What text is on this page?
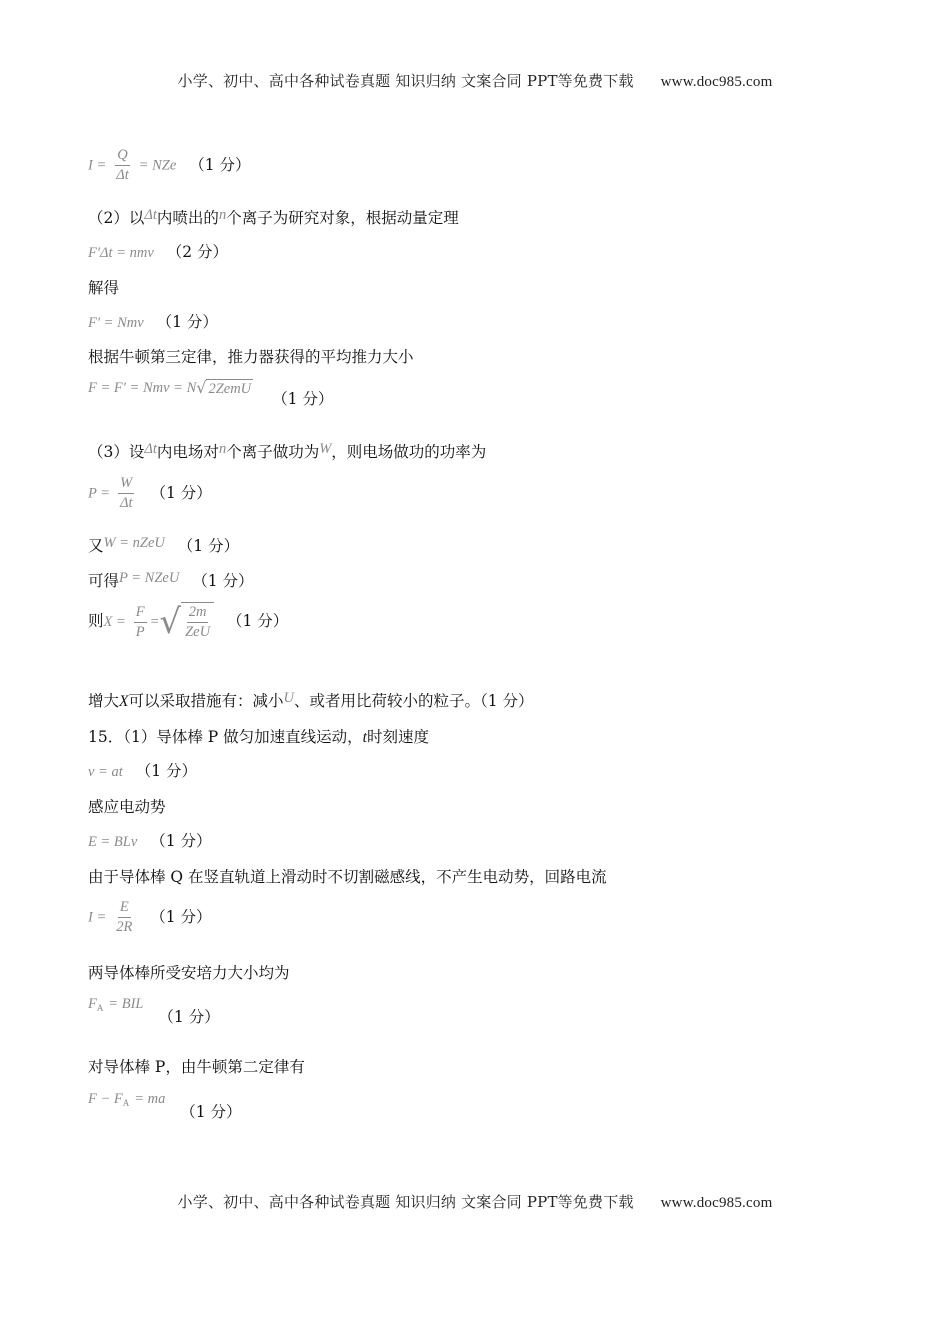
小学、初中、高中各种试卷真题 知识归纳 文案合同 PPT等免费下载 www.doc985.com
$I = \frac{Q}{\Delta t}$ = NZe （1 分）
（2）以Δt内喷出的n个离子为研究对象，根据动量定理
F′Δt = nmv （2 分）
解得
F′ = Nmv （1 分）
根据牛顿第三定律，推力器获得的平均推力大小
F = F′ = Nmv = N √ 2ZemU
（1 分）
（3）设Δt内电场对n个离子做功为W，则电场做功的功率为
$P = \frac{W}{\Delta t} (1$ 分）
又W = nZeU （1 分）
可得P = NZeU （1 分）
则$X = \frac{F}{P}$ = √ $\frac{2m}{\text{ZeU}} (1$ 分）
增大X可以采取措施有：减小U、或者用比荷较小的粒子。（1 分）
15．（1）导体棒 P 做匀加速直线运动，t时刻速度
v = at （1 分）
感应电动势
E = BLv （1 分）
由于导体棒 Q 在竖直轨道上滑动时不切割磁感线，不产生电动势，回路电流
$I = \frac{E}{2R} (1$ 分）
两导体棒所受安培力大小均为
$F_A$ = BIL （1 分）
对导体棒 P，由牛顿第二定律有
$F - F_A$ = ma （1 分）
小学、初中、高中各种试卷真题 知识归纳 文案合同 PPT等免费下载 www.doc985.com
